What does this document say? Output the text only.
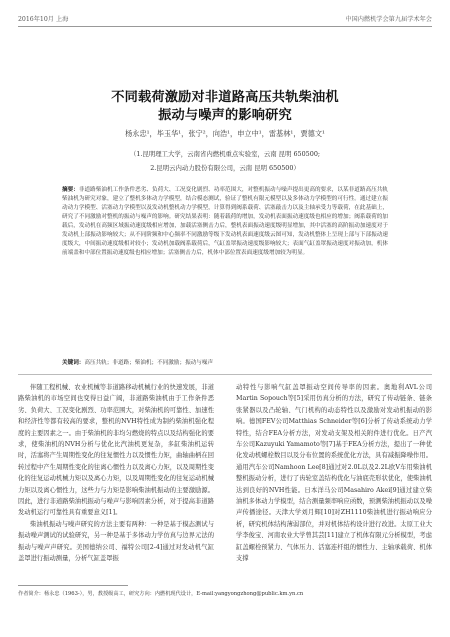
2016年10月 上海	中国内燃机学会第九届学术年会
不同载荷激励对非道路高压共轨柴油机
振动与噪声的影响研究
杨永忠¹，毕玉华¹，张宁²，向浩¹，申立中¹，雷基林¹，贾德文¹
（1.昆明理工大学，云南省内燃机重点实验室，云南 昆明 650500;
2.昆明云内动力股份有限公司，云南 昆明 650500）
摘要：非道路柴油机工作条件恶劣、负荷大、工况变化剧烈、功率范围大，对整机振动与噪声提出更高的要求，以某非道路高压共轨柴油机为研究对象，建立了整机多体动力学模型，结合模态测试，验证了整机有限元模型以及多体动力学模型的可行性。通过建立振动动力学模型、活塞动力学模型以及发动机整机动力学模型，计算得到阀系载荷、活塞敲击力以及主轴承受力等载荷，在此基础上，研究了不同激励对整机的振动与噪声的影响。研究结果表明：随着载荷的增加，发动机表面振动速度级也相应的增加；阀系载荷的加载后，发动机在高频区域振动速度级相应增加，加载活塞侧击力后，整机表面振动速度级明显增加，其中活塞的高阶振动加速度对于发动机上部振动影响较大；从不同阶频和中心频率不同激励等级下发动机表面速度级云图可知，发动机整体上呈现上部与下部振动速度级大，中间振动速度级相对较小；发动机加载阀系载荷后，气缸盖罩振动速度级影响较大；表面气缸盖罩振动速度对振动加，机体前端盖和中部位置振动速度级也相应增加；活塞侧击力后，机体中部位置表面速度级增加较为明显。
关键词：高压共轨；非道路；柴油机；不同激励；振动与噪声

伴随工程机械、农业机械等非道路移动机械行业的快速发展，非道路柴油机的市场空间也变得日益广阔，非道路柴油机由于工作条件恶劣、负荷大、工况变化剧烈、功率范围大，对柴油机的可靠性、加速性和经济性等都有较高的要求，整机的NVH特性成为制约柴油机强化程度的主要因素之一。由于柴油机的非均匀燃烧的特点以及结构强化的要求，使柴油机的NVH分析与优化比汽油机更复杂，多缸柴油机运转时，活塞将产生周期性变化的往复惯性力以及惯性力矩，曲轴曲柄在回转过程中产生周期性变化的往离心惯性力以及离心力矩，以及周期性变化的往复运动机械力矩以及离心力矩，以及周期性变化的往复运动机械力矩以及离心惯性力，这些力与力矩是影响柴油机振动的主要激励源。因此，进行非道路柴油机振动与噪声与影响因素分析，对于提高非道路发动机运行可靠性具有重要意义[1]。

柴油机振动与噪声研究的方法主要有两种：一种是基于模态测试与振动噪声测试的试验研究，另一种是基于多体动力学仿真与边界元法的振动与噪声声研究。美国德纳公司、福特公司[2-4]通过对发动机气缸盖罩进行振动测量，分析气缸盖罩振

动特性与影响气缸盖罩振动空间传导率的因素。奥地利AVL公司Martin Sopouch等[5]采用仿真分析的方法，研究了传动链条、链条张紧器以及凸轮轴、气门机构的动态特性以及激励对发动机振动的影响。德国FEV公司Matthias Schneider等[6]分析了传动系统动力学特性，结合FEA分析方法，对发动支架及相关附件进行优化。日产汽车公司Kazuyuki Yamamoto等[7]基于FEA分析方法，提出了一种优化发动机螺栓数目以及分布位置的系统优化方法，具有减振降噪作用。通用汽车公司Namhoon Lee[8]通过对2.0L以及2.2L欧V车用柴油机整机振动分析，进行了齿轮室盖结构优化与油底壳形状优化，使柴油机达到良好的NVH性能。日本洋马公司Masahiro Akei[9]通过建立柴油机多体动力学模型，结合测量频率响应函数，预测柴油机振动以及噪声传播途径。天津大学刘月辉[10]对ZH1110柴油机进行振动响应分析，研究机体结构薄弱部位，并对机体结构设计进行改进。太原工业大学李俊宝、河南农业大学曾其芸[11]建立了机体有限元分析模型，考虑缸盖螺栓预紧力、气体压力、活塞连杆组的惯性力、主轴承载荷、机体支撑

作者简介：杨永忠（1963-），男，教授级高工，研究方向：内燃机现代设计，E-mail:yangyongzhong@public.km.yn.cn
